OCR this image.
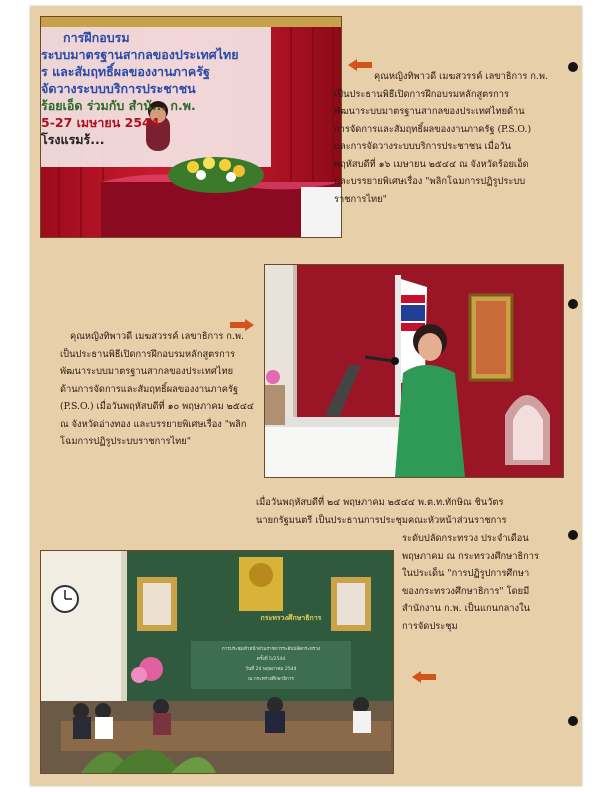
การฝึกอบรม
ระบบมาตรฐานสากลของประเทศไทย
ร และสัมฤทธิ์ผลของงานภาครัฐ
จัดวางระบบบริการประชาชน
ร้อยเอ็ด ร่วมกับ สำนั... ก.พ.
5-27 เมษายน 2544
โรงแรมร้...
คุณหญิงทิพาวดี เมฆสวรรค์ เลขาธิการ ก.พ.
เป็นประธานพิธีเปิดการฝึกอบรมหลักสูตรการ
พัฒนาระบบมาตรฐานสากลของประเทศไทยด้าน
การจัดการและสัมฤทธิ์ผลของงานภาครัฐ (P.S.O.)
และการจัดวางระบบบริการประชาชน เมื่อวัน
พฤหัสบดีที่ ๑๖ เมษายน ๒๕๔๔ ณ จังหวัดร้อยเอ็ด
และบรรยายพิเศษเรื่อง "พลิกโฉมการปฏิรูประบบ
ราชการไทย"
คุณหญิงทิพาวดี เมฆสวรรค์ เลขาธิการ ก.พ.
เป็นประธานพิธีเปิดการฝึกอบรมหลักสูตรการ
พัฒนาระบบมาตรฐานสากลของประเทศไทย
ด้านการจัดการและสัมฤทธิ์ผลของงานภาครัฐ
(P.S.O.) เมื่อวันพฤหัสบดีที่ ๑๐ พฤษภาคม ๒๕๔๔
ณ จังหวัดอ่างทอง และบรรยายพิเศษเรื่อง "พลิก
โฉมการปฏิรูประบบราชการไทย"
เมื่อวันพฤหัสบดีที่ ๒๔ พฤษภาคม ๒๕๔๔ พ.ต.ท.ทักษิณ ชินวัตร
นายกรัฐมนตรี เป็นประธานการประชุมคณะหัวหน้าส่วนราชการ
กระทรวงศึกษาธิการ
การประชุมหัวหน้าส่วนราชการระดับปลัดกระทรวง
ครั้งที่ 5/2544
วันที่ 24 พฤษภาคม 2544
ณ กระทรวงศึกษาธิการ
ระดับปลัดกระทรวง ประจำเดือน
พฤษภาคม ณ กระทรวงศึกษาธิการ
ในประเด็น "การปฏิรูปการศึกษา
ของกระทรวงศึกษาธิการ" โดยมี
สำนักงาน ก.พ. เป็นแกนกลางใน
การจัดประชุม
